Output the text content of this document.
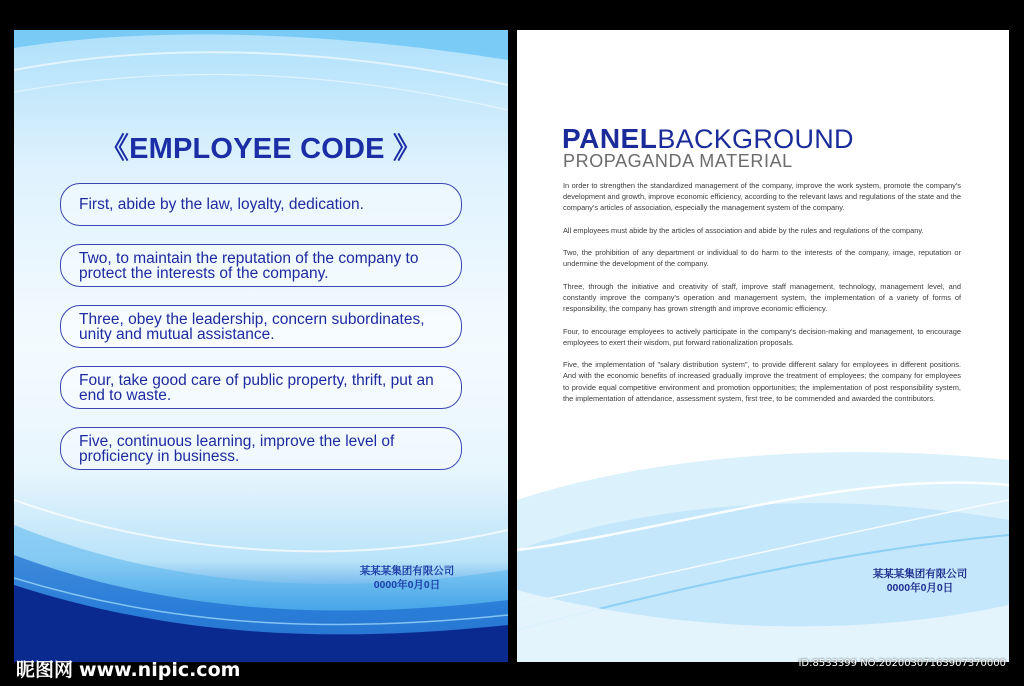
《EMPLOYEE CODE 》
First, abide by the law, loyalty, dedication.
Two, to maintain the reputation of the company to protect the interests of the company.
Three, obey the leadership, concern subordinates, unity and mutual assistance.
Four, take good care of public property, thrift, put an end to waste.
Five, continuous learning, improve the level of proficiency in business.
某某某集团有限公司
0000年0月0日
昵图网 www.nipic.com
PANELBACKGROUND
PROPAGANDA MATERIAL

In order to strengthen the standardized management of the company, improve the work system, promote the company's development and growth, improve economic efficiency, according to the relevant laws and regulations of the state and the company's articles of association, especially the management system of the company.

All employees must abide by the articles of association and abide by the rules and regulations of the company.

Two, the prohibition of any department or individual to do harm to the interests of the company, image, reputation or undermine the development of the company.

Three, through the initiative and creativity of staff, improve staff management, technology, management level, and constantly improve the company's operation and management system, the implementation of a variety of forms of responsibility, the company has grown strength and improve economic efficiency.

Four, to encourage employees to actively participate in the company's decision-making and management, to encourage employees to exert their wisdom, put forward rationalization proposals.

Five, the implementation of "salary distribution system", to provide different salary for employees in different positions. And with the economic benefits of increased gradually improve the treatment of employees; the company for employees to provide equal competitive environment and promotion opportunities; the implementation of post responsibility system, the implementation of attendance, assessment system, first tree, to be commended and awarded the contributors.

某某某集团有限公司
0000年0月0日
ID:8533399 NO:20200307163907370000
